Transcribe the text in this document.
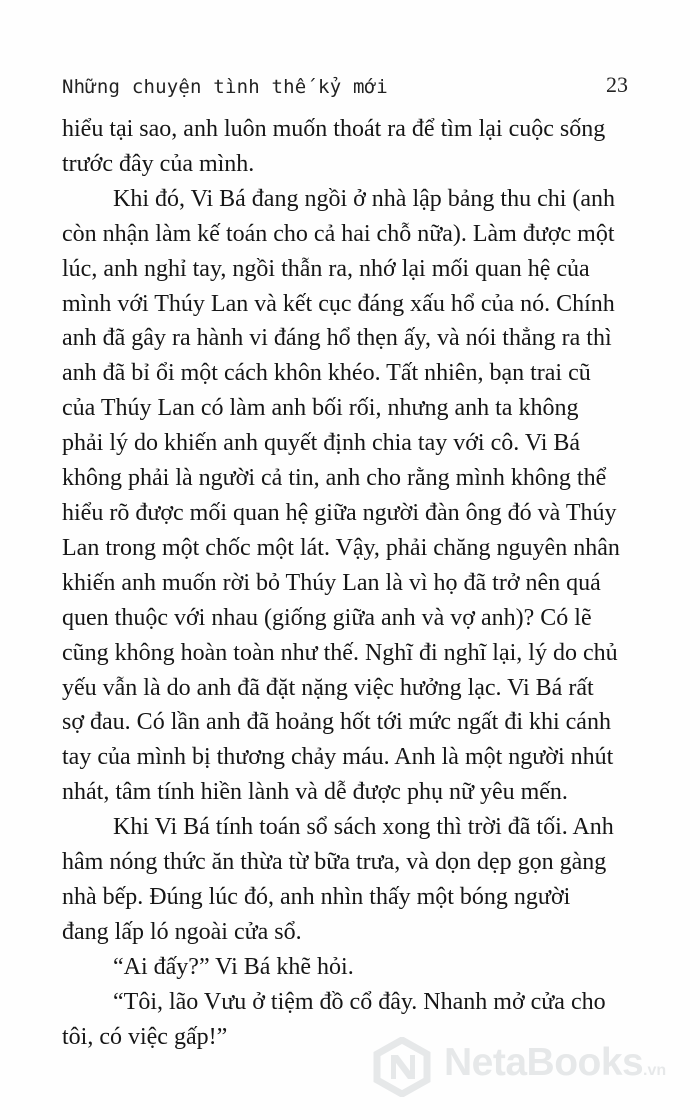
Những chuyện tình thế kỷ mới	23

hiểu tại sao, anh luôn muốn thoát ra để tìm lại cuộc sống
trước đây của mình.

Khi đó, Vi Bá đang ngồi ở nhà lập bảng thu chi (anh
còn nhận làm kế toán cho cả hai chỗ nữa). Làm được một
lúc, anh nghỉ tay, ngồi thẫn ra, nhớ lại mối quan hệ của
mình với Thúy Lan và kết cục đáng xấu hổ của nó. Chính
anh đã gây ra hành vi đáng hổ thẹn ấy, và nói thẳng ra thì
anh đã bỉ ổi một cách khôn khéo. Tất nhiên, bạn trai cũ
của Thúy Lan có làm anh bối rối, nhưng anh ta không
phải lý do khiến anh quyết định chia tay với cô. Vi Bá
không phải là người cả tin, anh cho rằng mình không thể
hiểu rõ được mối quan hệ giữa người đàn ông đó và Thúy
Lan trong một chốc một lát. Vậy, phải chăng nguyên nhân
khiến anh muốn rời bỏ Thúy Lan là vì họ đã trở nên quá
quen thuộc với nhau (giống giữa anh và vợ anh)? Có lẽ
cũng không hoàn toàn như thế. Nghĩ đi nghĩ lại, lý do chủ
yếu vẫn là do anh đã đặt nặng việc hưởng lạc. Vi Bá rất
sợ đau. Có lần anh đã hoảng hốt tới mức ngất đi khi cánh
tay của mình bị thương chảy máu. Anh là một người nhút
nhát, tâm tính hiền lành và dễ được phụ nữ yêu mến.

Khi Vi Bá tính toán sổ sách xong thì trời đã tối. Anh
hâm nóng thức ăn thừa từ bữa trưa, và dọn dẹp gọn gàng
nhà bếp. Đúng lúc đó, anh nhìn thấy một bóng người
đang lấp ló ngoài cửa sổ.

“Ai đấy?” Vi Bá khẽ hỏi.

“Tôi, lão Vưu ở tiệm đồ cổ đây. Nhanh mở cửa cho
tôi, có việc gấp!”

NetaBooks .vn
